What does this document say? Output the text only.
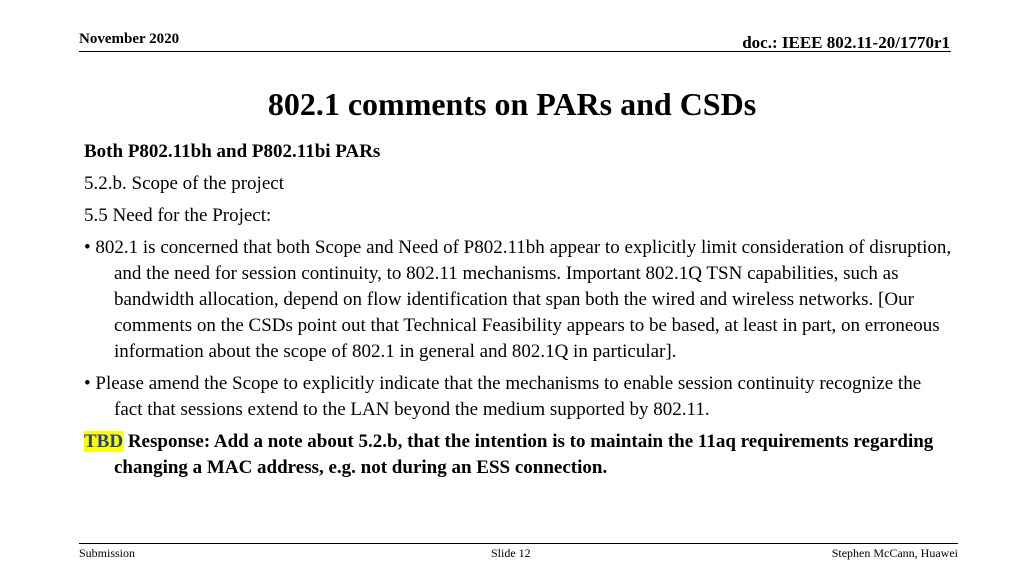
November 2020	doc.: IEEE 802.11-20/1770r1
802.1 comments on PARs and CSDs

Both P802.11bh and P802.11bi PARs

5.2.b. Scope of the project

5.5 Need for the Project:

• 802.1 is concerned that both Scope and Need of P802.11bh appear to explicitly limit consideration of disruption, and the need for session continuity, to 802.11 mechanisms. Important 802.1Q TSN capabilities, such as bandwidth allocation, depend on flow identification that span both the wired and wireless networks. [Our comments on the CSDs point out that Technical Feasibility appears to be based, at least in part, on erroneous information about the scope of 802.1 in general and 802.1Q in particular].

• Please amend the Scope to explicitly indicate that the mechanisms to enable session continuity recognize the fact that sessions extend to the LAN beyond the medium supported by 802.11.

TBD Response: Add a note about 5.2.b, that the intention is to maintain the 11aq requirements regarding changing a MAC address, e.g. not during an ESS connection.

Submission	Slide 12	Stephen McCann, Huawei
